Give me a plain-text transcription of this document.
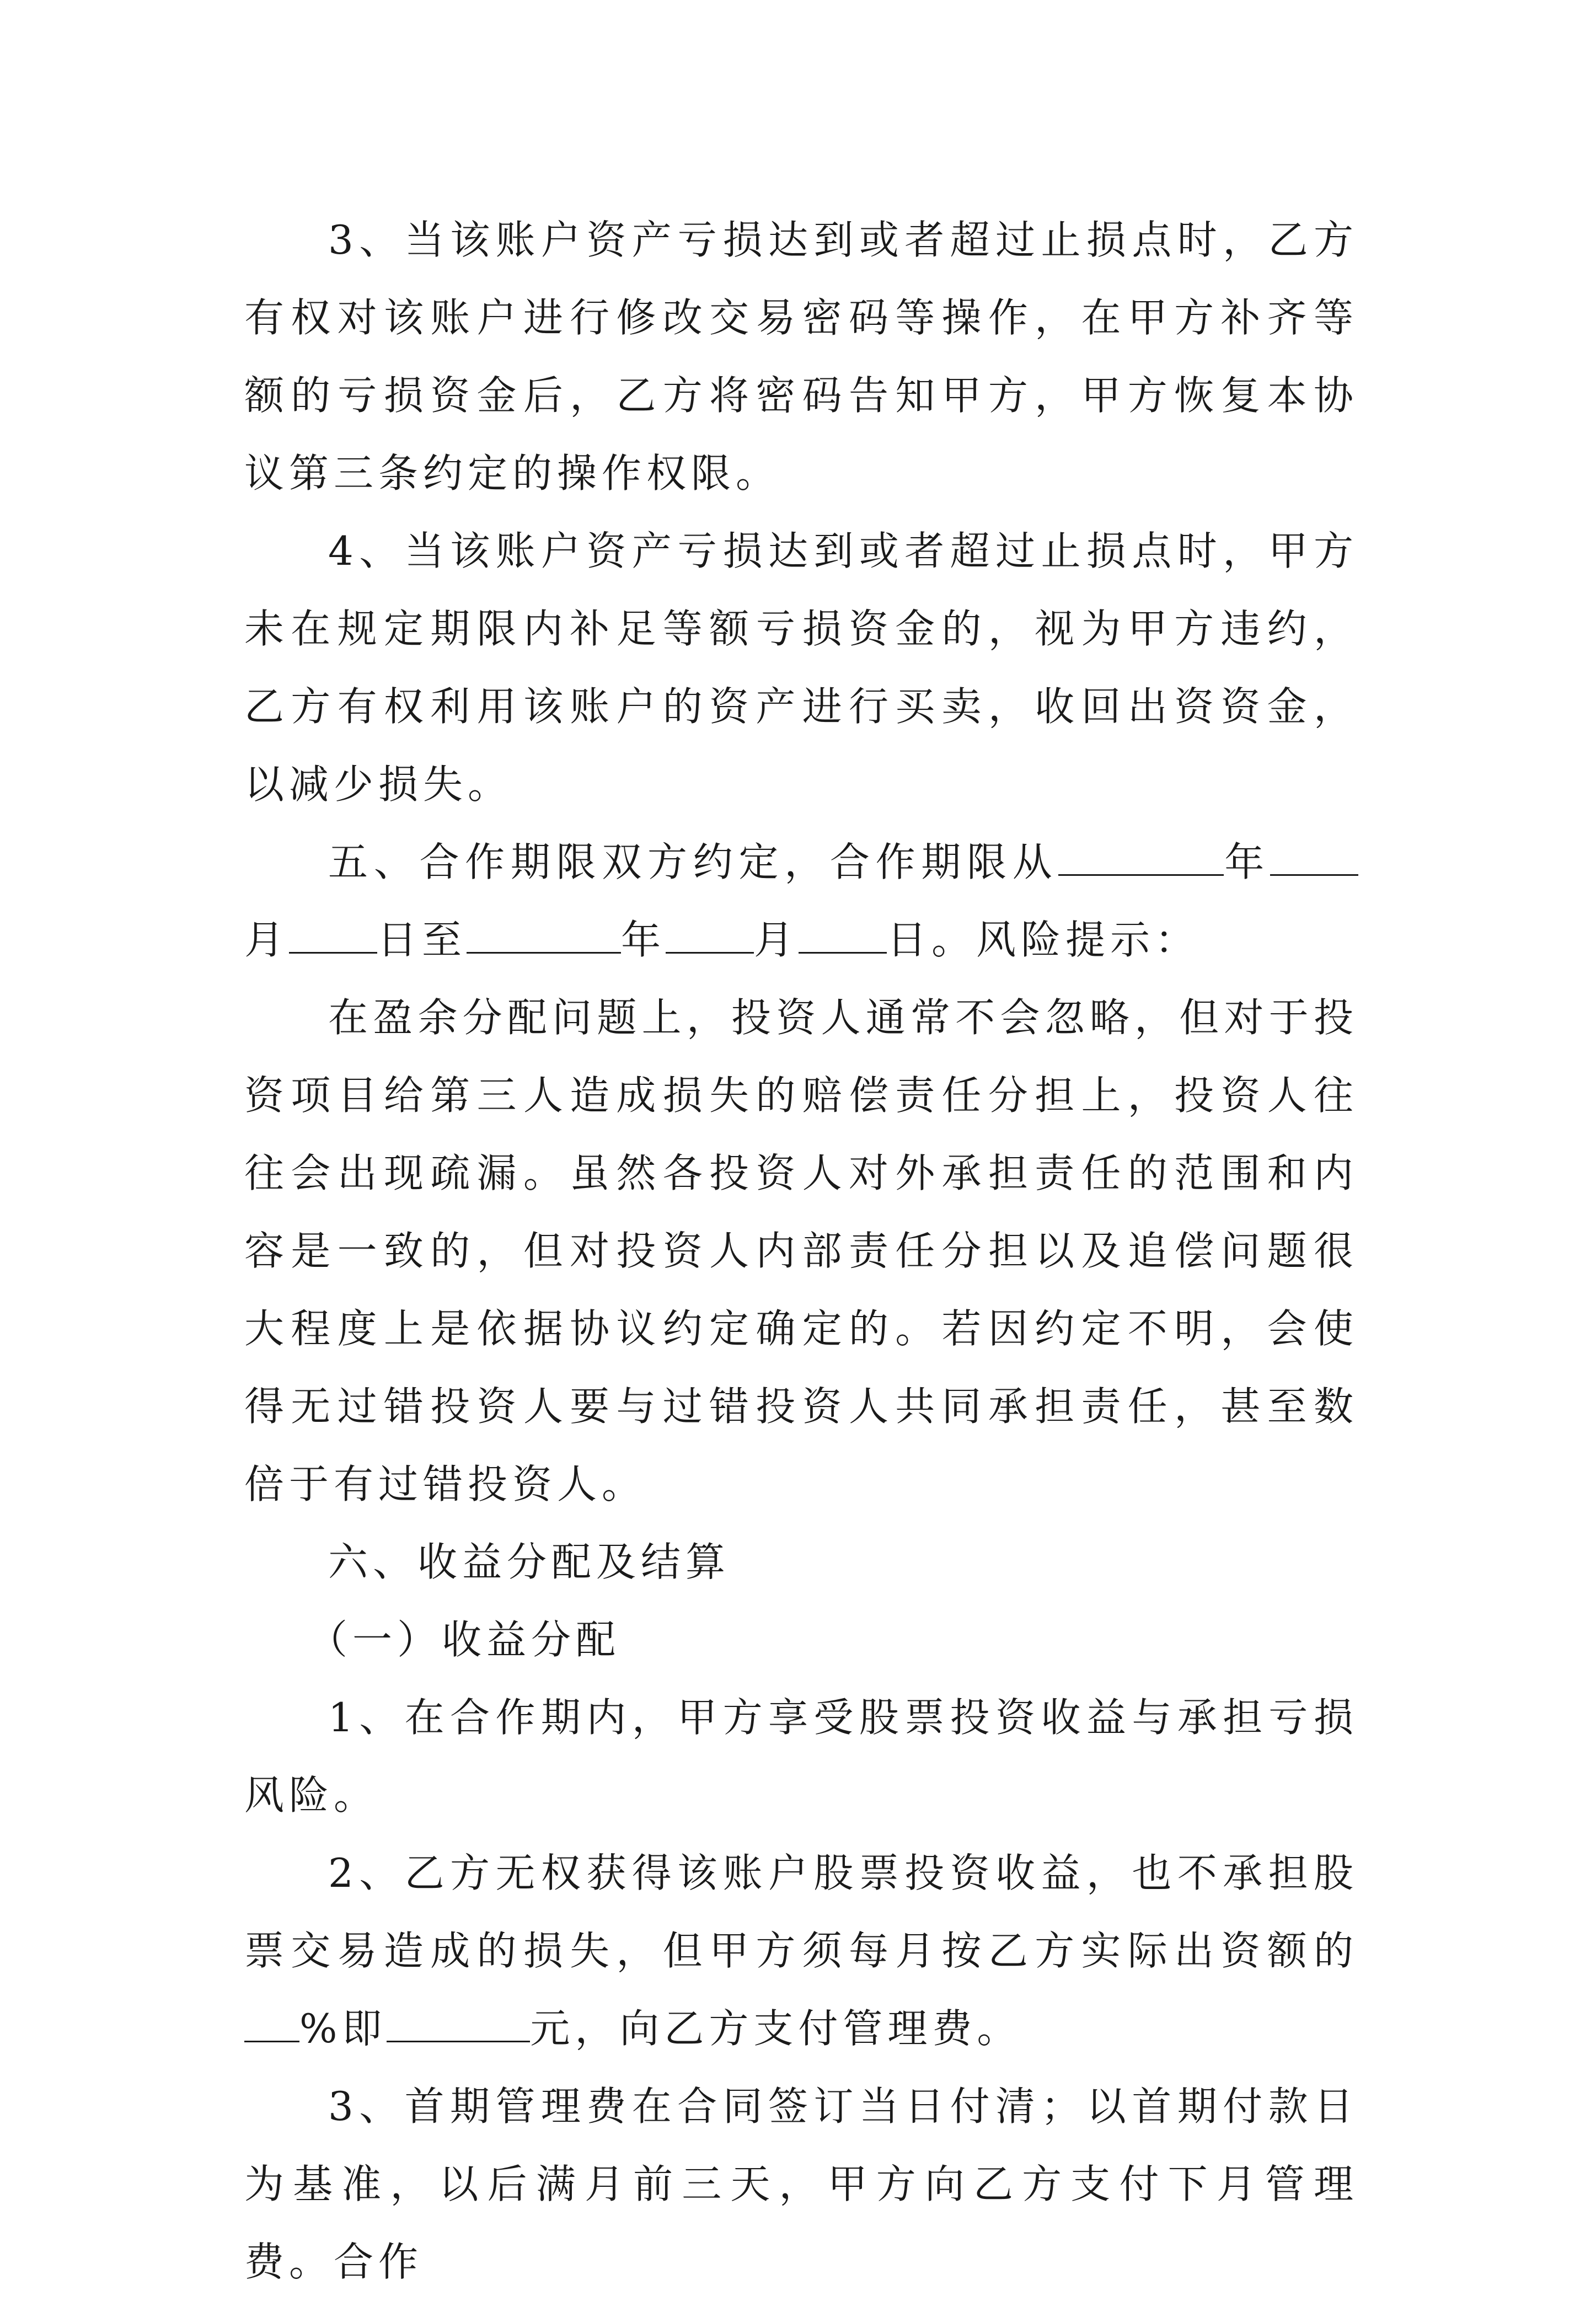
3、当该账户资产亏损达到或者超过止损点时，乙方有权对该账户进行修改交易密码等操作，在甲方补齐等额的亏损资金后，乙方将密码告知甲方，甲方恢复本协议第三条约定的操作权限。

4、当该账户资产亏损达到或者超过止损点时，甲方未在规定期限内补足等额亏损资金的，视为甲方违约，乙方有权利用该账户的资产进行买卖，收回出资资金，以减少损失。

五、合作期限双方约定，合作期限从	年月 日至	年 月 日。风险提示：

在盈余分配问题上，投资人通常不会忽略，但对于投资项目给第三人造成损失的赔偿责任分担上，投资人往往会出现疏漏。虽然各投资人对外承担责任的范围和内容是一致的，但对投资人内部责任分担以及追偿问题很大程度上是依据协议约定确定的。若因约定不明，会使得无过错投资人要与过错投资人共同承担责任，甚至数倍于有过错投资人。

六、收益分配及结算

（一）收益分配

1、在合作期内，甲方享受股票投资收益与承担亏损风险。

2、乙方无权获得该账户股票投资收益，也不承担股票交易造成的损失，但甲方须每月按乙方实际出资额的%即	元，向乙方支付管理费。

3、首期管理费在合同签订当日付清；以首期付款日为基准，以后满月前三天，甲方向乙方支付下月管理费。合作
